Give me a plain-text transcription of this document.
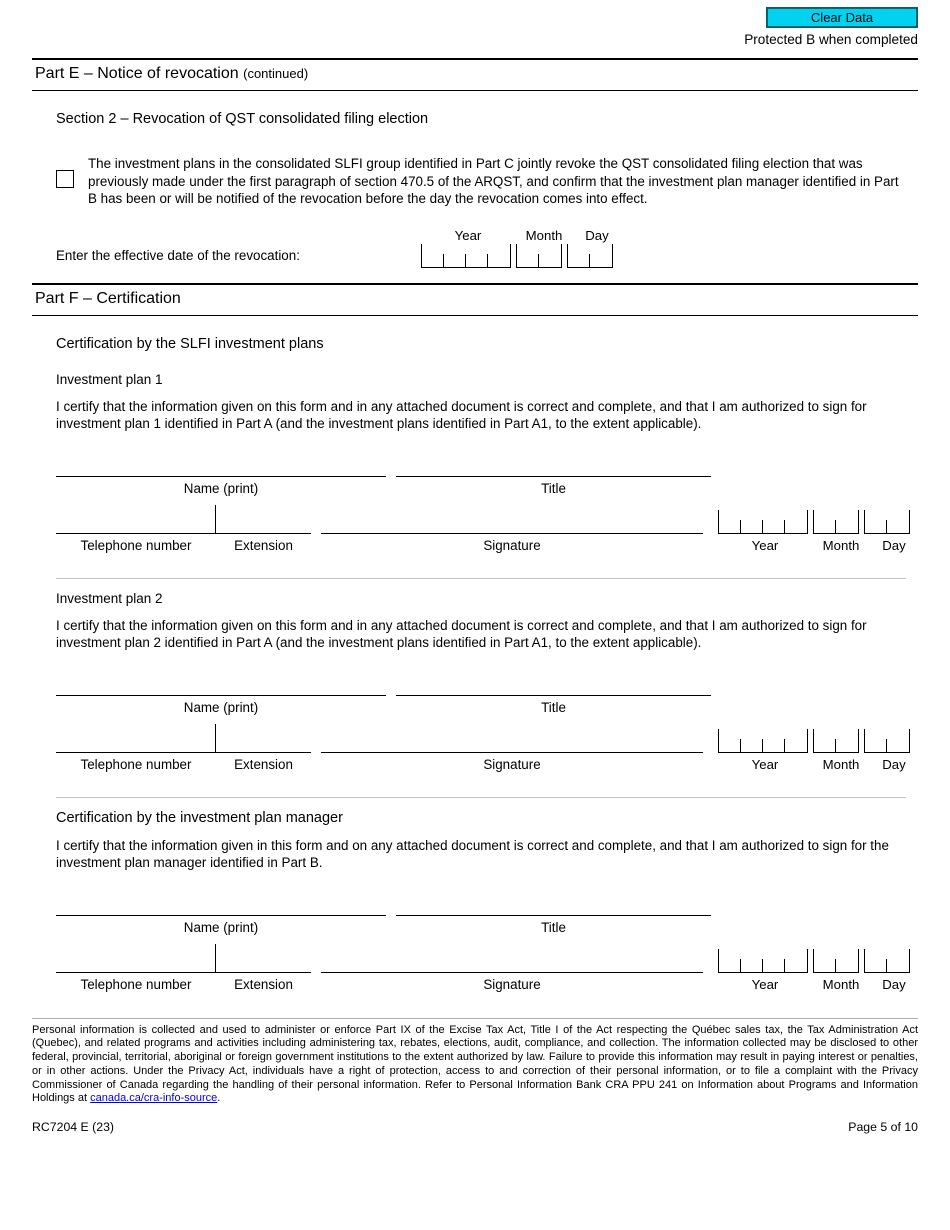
Clear Data
Protected B when completed
Part E – Notice of revocation (continued)
Section 2 – Revocation of QST consolidated filing election
The investment plans in the consolidated SLFI group identified in Part C jointly revoke the QST consolidated filing election that was previously made under the first paragraph of section 470.5 of the ARQST, and confirm that the investment plan manager identified in Part B has been or will be notified of the revocation before the day the revocation comes into effect.
Enter the effective date of the revocation:
Year	Month	Day
Part F – Certification
Certification by the SLFI investment plans
Investment plan 1

I certify that the information given on this form and in any attached document is correct and complete, and that I am authorized to sign for investment plan 1 identified in Part A (and the investment plans identified in Part A1, to the extent applicable).

Name (print)	Title
Telephone number	Extension	Signature	Year	Month	Day
Investment plan 2

I certify that the information given on this form and in any attached document is correct and complete, and that I am authorized to sign for investment plan 2 identified in Part A (and the investment plans identified in Part A1, to the extent applicable).

Name (print)	Title
Telephone number	Extension	Signature	Year	Month	Day
Certification by the investment plan manager

I certify that the information given in this form and on any attached document is correct and complete, and that I am authorized to sign for the investment plan manager identified in Part B.

Name (print)	Title
Telephone number	Extension	Signature	Year	Month	Day

Personal information is collected and used to administer or enforce Part IX of the Excise Tax Act, Title I of the Act respecting the Québec sales tax, the Tax Administration Act (Quebec), and related programs and activities including administering tax, rebates, elections, audit, compliance, and collection. The information collected may be disclosed to other federal, provincial, territorial, aboriginal or foreign government institutions to the extent authorized by law. Failure to provide this information may result in paying interest or penalties, or in other actions. Under the Privacy Act, individuals have a right of protection, access to and correction of their personal information, or to file a complaint with the Privacy Commissioner of Canada regarding the handling of their personal information. Refer to Personal Information Bank CRA PPU 241 on Information about Programs and Information Holdings at canada.ca/cra-info-source.

RC7204 E (23)	Page 5 of 10
